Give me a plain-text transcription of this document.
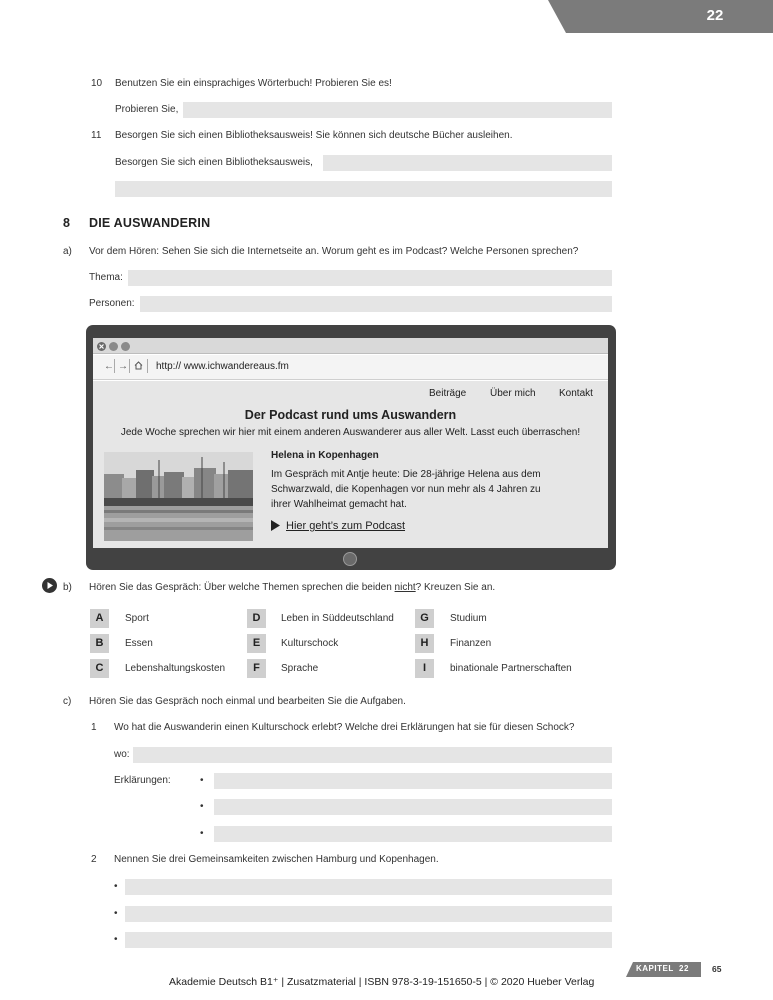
22
10 Benutzen Sie ein einsprachiges Wörterbuch! Probieren Sie es!
Probieren Sie,
11 Besorgen Sie sich einen Bibliotheksausweis! Sie können sich deutsche Bücher ausleihen.
Besorgen Sie sich einen Bibliotheksausweis,
8 DIE AUSWANDERIN
a) Vor dem Hören: Sehen Sie sich die Internetseite an. Worum geht es im Podcast? Welche Personen sprechen?
Thema:
Personen:
← →	http:// www.ichwandereaus.fm
Beiträge Über mich Kontakt
Der Podcast rund ums Auswandern
Jede Woche sprechen wir hier mit einem anderen Auswanderer aus aller Welt. Lasst euch überraschen!
Helena in Kopenhagen
Im Gespräch mit Antje heute: Die 28-jährige Helena aus dem
Schwarzwald, die Kopenhagen vor nun mehr als 4 Jahren zu
ihrer Wahlheimat gemacht hat.
Hier geht’s zum Podcast
b) Hören Sie das Gespräch: Über welche Themen sprechen die beiden nicht? Kreuzen Sie an.
A	Sport
B	Essen
C	Lebenshaltungskosten
D	Leben in Süddeutschland
E	Kulturschock
F	Sprache
G	Studium
H	Finanzen
I	binationale Partnerschaften
c) Hören Sie das Gespräch noch einmal und bearbeiten Sie die Aufgaben.
1 Wo hat die Auswanderin einen Kulturschock erlebt? Welche drei Erklärungen hat sie für diesen Schock?
wo:
Erklärungen:	•
•
•
2 Nennen Sie drei Gemeinsamkeiten zwischen Hamburg und Kopenhagen.
•
•
•
KAPITEL  22	65
Akademie Deutsch B1⁺ | Zusatzmaterial | ISBN 978-3-19-151650-5 | © 2020 Hueber Verlag
